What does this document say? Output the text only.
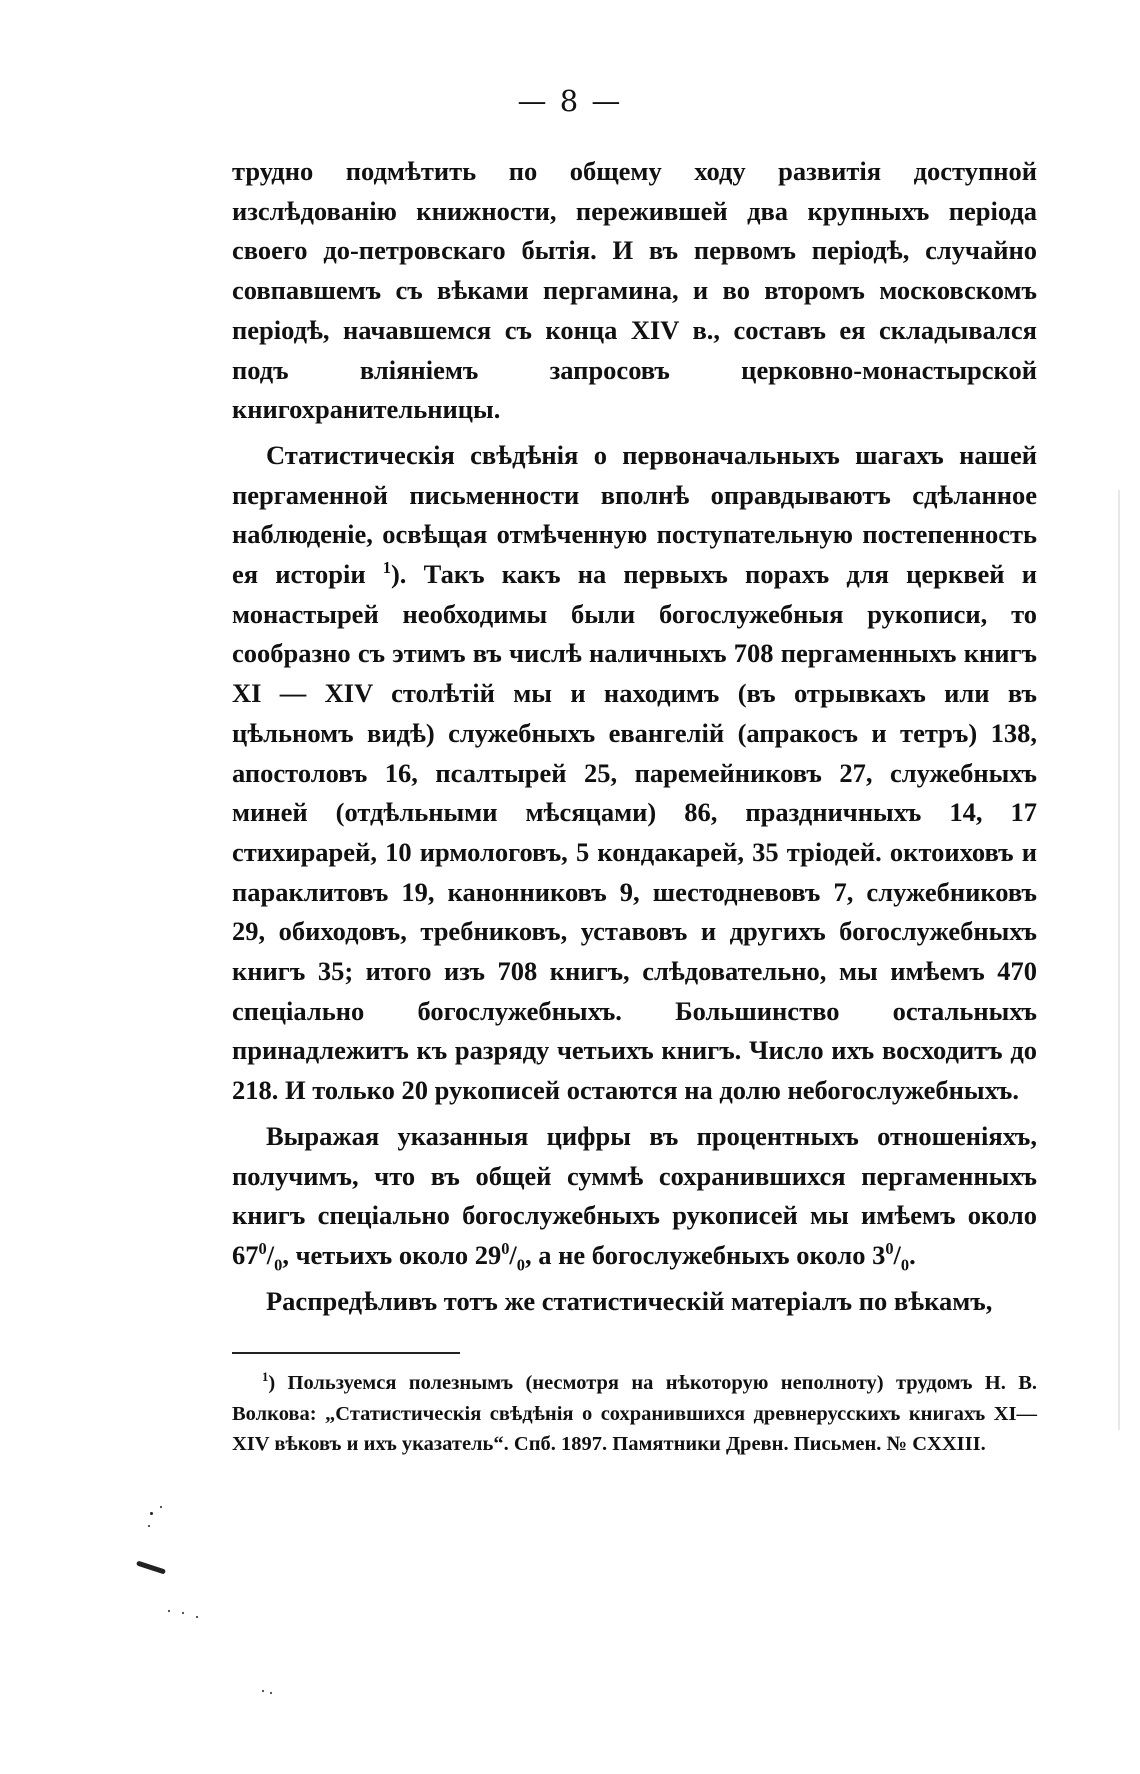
— 8 —

трудно подмѣтить по общему ходу развитія доступной изслѣдованію книжности, пережившей два крупныхъ періода своего до-петровскаго бытія. И въ первомъ періодѣ, случайно совпавшемъ съ вѣками пергамина, и во второмъ московскомъ періодѣ, начавшемся съ конца XIV в., составъ ея складывался подъ вліяніемъ запросовъ церковно-монастырской книгохранительницы.

Статистическія свѣдѣнія о первоначальныхъ шагахъ нашей пергаменной письменности вполнѣ оправдываютъ сдѣланное наблюденіе, освѣщая отмѣченную поступательную постепенность ея исторіи $^1$). Такъ какъ на первыхъ порахъ для церквей и монастырей необходимы были богослужебныя рукописи, то сообразно съ этимъ въ числѣ наличныхъ 708 пергаменныхъ книгъ XI — XIV столѣтій мы и находимъ (въ отрывкахъ или въ цѣльномъ видѣ) служебныхъ евангелій (апракосъ и тетръ) 138, апостоловъ 16, псалтырей 25, паремейниковъ 27, служебныхъ миней (отдѣльными мѣсяцами) 86, праздничныхъ 14, 17 стихирарей, 10 ирмологовъ, 5 кондакарей, 35 тріодей. октоиховъ и параклитовъ 19, канонниковъ 9, шестодневовъ 7, служебниковъ 29, обиходовъ, требниковъ, уставовъ и другихъ богослужебныхъ книгъ 35; итого изъ 708 книгъ, слѣдовательно, мы имѣемъ 470 спеціально богослужебныхъ. Большинство остальныхъ принадлежитъ къ разряду четьихъ книгъ. Число ихъ восходитъ до 218. И только 20 рукописей остаются на долю небогослужебныхъ.

Выражая указанныя цифры въ процентныхъ отношеніяхъ, получимъ, что въ общей суммѣ сохранившихся пергаменныхъ книгъ спеціально богослужебныхъ рукописей мы имѣемъ около $67^0/_0$, четьихъ около $29^0/_0$, а не богослужебныхъ около $3^0/_0$.

Распредѣливъ тотъ же статистическій матеріалъ по вѣкамъ,

$^1$) Пользуемся полезнымъ (несмотря на нѣкоторую неполноту) трудомъ Н. В. Волкова: „Статистическія свѣдѣнія о сохранившихся древнерусскихъ книгахъ XI—XIV вѣковъ и ихъ указатель“. Спб. 1897. Памятники Древн. Письмен. № CXXIII.
